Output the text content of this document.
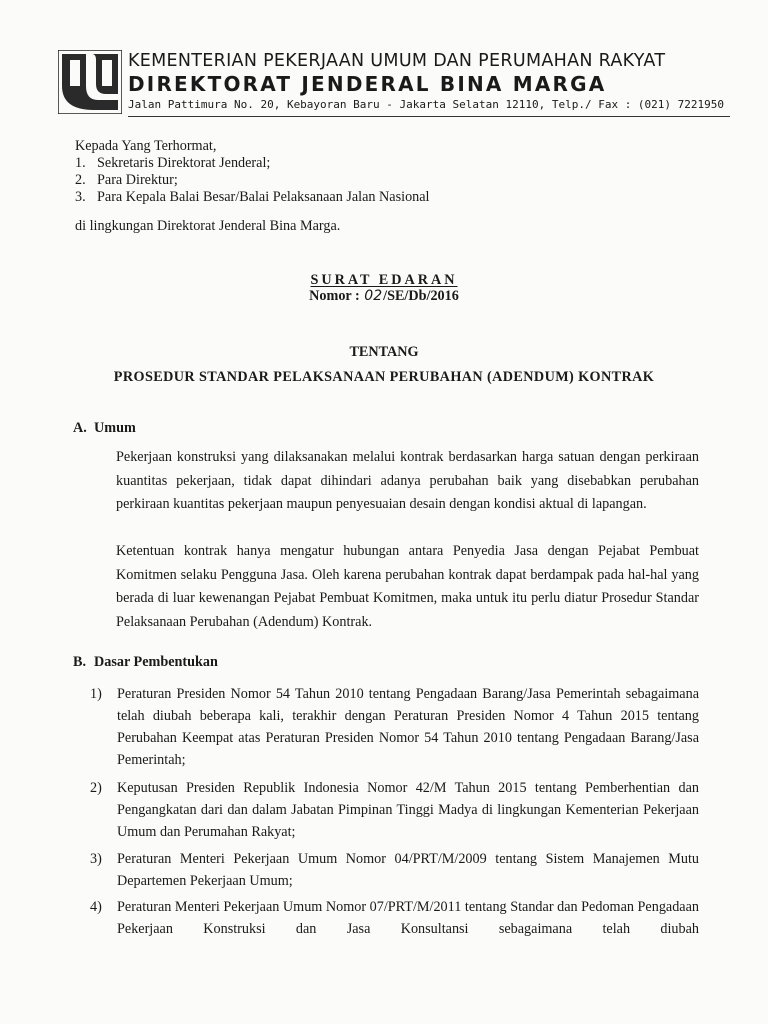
KEMENTERIAN PEKERJAAN UMUM DAN PERUMAHAN RAKYAT
DIREKTORAT JENDERAL BINA MARGA
Jalan Pattimura No. 20, Kebayoran Baru - Jakarta Selatan 12110, Telp./ Fax : (021) 7221950
Kepada Yang Terhormat,
1. Sekretaris Direktorat Jenderal;
2. Para Direktur;
3. Para Kepala Balai Besar/Balai Pelaksanaan Jalan Nasional
di lingkungan Direktorat Jenderal Bina Marga.
SURAT EDARAN
Nomor : 02/SE/Db/2016
TENTANG
PROSEDUR STANDAR PELAKSANAAN PERUBAHAN (ADENDUM) KONTRAK
A. Umum
Pekerjaan konstruksi yang dilaksanakan melalui kontrak berdasarkan harga satuan dengan perkiraan kuantitas pekerjaan, tidak dapat dihindari adanya perubahan baik yang disebabkan perubahan perkiraan kuantitas pekerjaan maupun penyesuaian desain dengan kondisi aktual di lapangan.
Ketentuan kontrak hanya mengatur hubungan antara Penyedia Jasa dengan Pejabat Pembuat Komitmen selaku Pengguna Jasa. Oleh karena perubahan kontrak dapat berdampak pada hal-hal yang berada di luar kewenangan Pejabat Pembuat Komitmen, maka untuk itu perlu diatur Prosedur Standar Pelaksanaan Perubahan (Adendum) Kontrak.
B. Dasar Pembentukan
1)	Peraturan Presiden Nomor 54 Tahun 2010 tentang Pengadaan Barang/Jasa Pemerintah sebagaimana telah diubah beberapa kali, terakhir dengan Peraturan Presiden Nomor 4 Tahun 2015 tentang Perubahan Keempat atas Peraturan Presiden Nomor 54 Tahun 2010 tentang Pengadaan Barang/Jasa Pemerintah;
2)	Keputusan Presiden Republik Indonesia Nomor 42/M Tahun 2015 tentang Pemberhentian dan Pengangkatan dari dan dalam Jabatan Pimpinan Tinggi Madya di lingkungan Kementerian Pekerjaan Umum dan Perumahan Rakyat;
3)	Peraturan Menteri Pekerjaan Umum Nomor 04/PRT/M/2009 tentang Sistem Manajemen Mutu Departemen Pekerjaan Umum;
4)	Peraturan Menteri Pekerjaan Umum Nomor 07/PRT/M/2011 tentang Standar dan Pedoman Pengadaan Pekerjaan Konstruksi dan Jasa Konsultansi sebagaimana telah diubah
